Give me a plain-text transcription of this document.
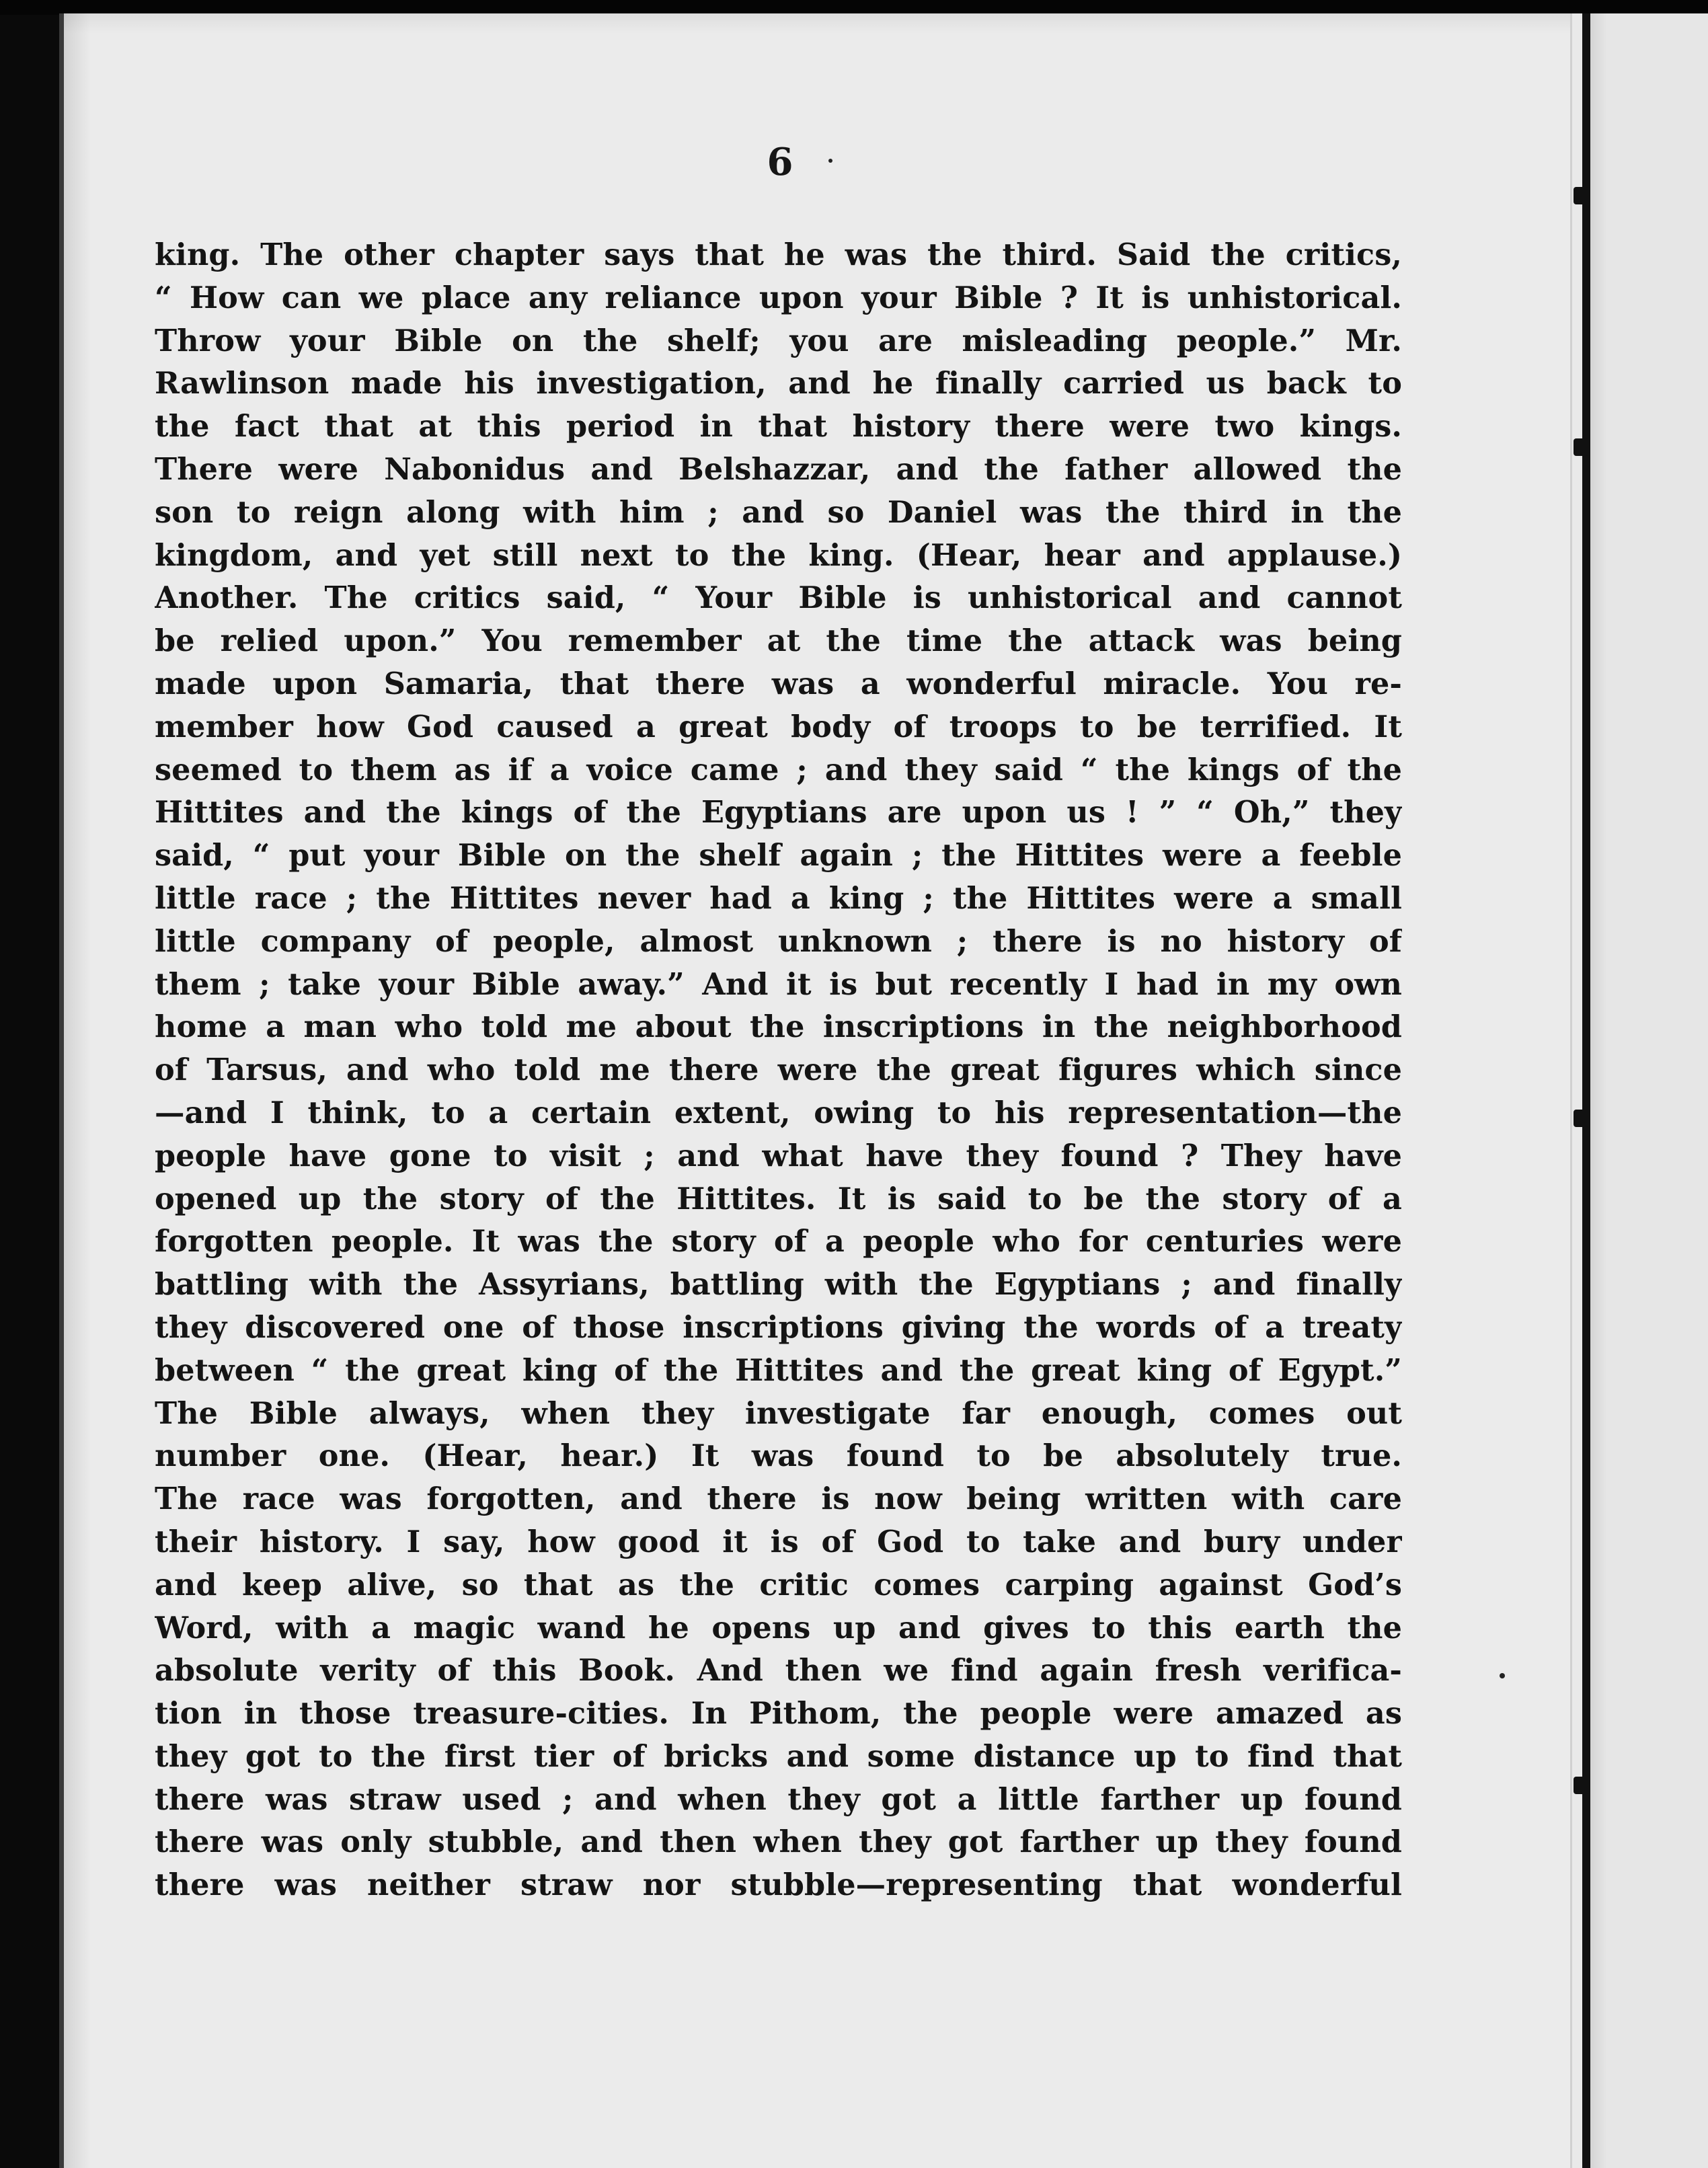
6
king. The other chapter says that he was the third. Said the critics,
“ How can we place any reliance upon your Bible ? It is unhistorical.
Throw your Bible on the shelf; you are misleading people.” Mr.
Rawlinson made his investigation, and he finally carried us back to
the fact that at this period in that history there were two kings.
There were Nabonidus and Belshazzar, and the father allowed the
son to reign along with him ; and so Daniel was the third in the
kingdom, and yet still next to the king. (Hear, hear and applause.)
Another. The critics said, “ Your Bible is unhistorical and cannot
be relied upon.” You remember at the time the attack was being
made upon Samaria, that there was a wonderful miracle. You re-
member how God caused a great body of troops to be terrified. It
seemed to them as if a voice came ; and they said “ the kings of the
Hittites and the kings of the Egyptians are upon us ! ” “ Oh,” they
said, “ put your Bible on the shelf again ; the Hittites were a feeble
little race ; the Hittites never had a king ; the Hittites were a small
little company of people, almost unknown ; there is no history of
them ; take your Bible away.” And it is but recently I had in my own
home a man who told me about the inscriptions in the neighborhood
of Tarsus, and who told me there were the great figures which since
—and I think, to a certain extent, owing to his representation—the
people have gone to visit ; and what have they found ? They have
opened up the story of the Hittites. It is said to be the story of a
forgotten people. It was the story of a people who for centuries were
battling with the Assyrians, battling with the Egyptians ; and finally
they discovered one of those inscriptions giving the words of a treaty
between “ the great king of the Hittites and the great king of Egypt.”
The Bible always, when they investigate far enough, comes out
number one. (Hear, hear.) It was found to be absolutely true.
The race was forgotten, and there is now being written with care
their history. I say, how good it is of God to take and bury under
and keep alive, so that as the critic comes carping against God’s
Word, with a magic wand he opens up and gives to this earth the
absolute verity of this Book. And then we find again fresh verifica-
tion in those treasure-cities. In Pithom, the people were amazed as
they got to the first tier of bricks and some distance up to find that
there was straw used ; and when they got a little farther up found
there was only stubble, and then when they got farther up they found
there was neither straw nor stubble—representing that wonderful
